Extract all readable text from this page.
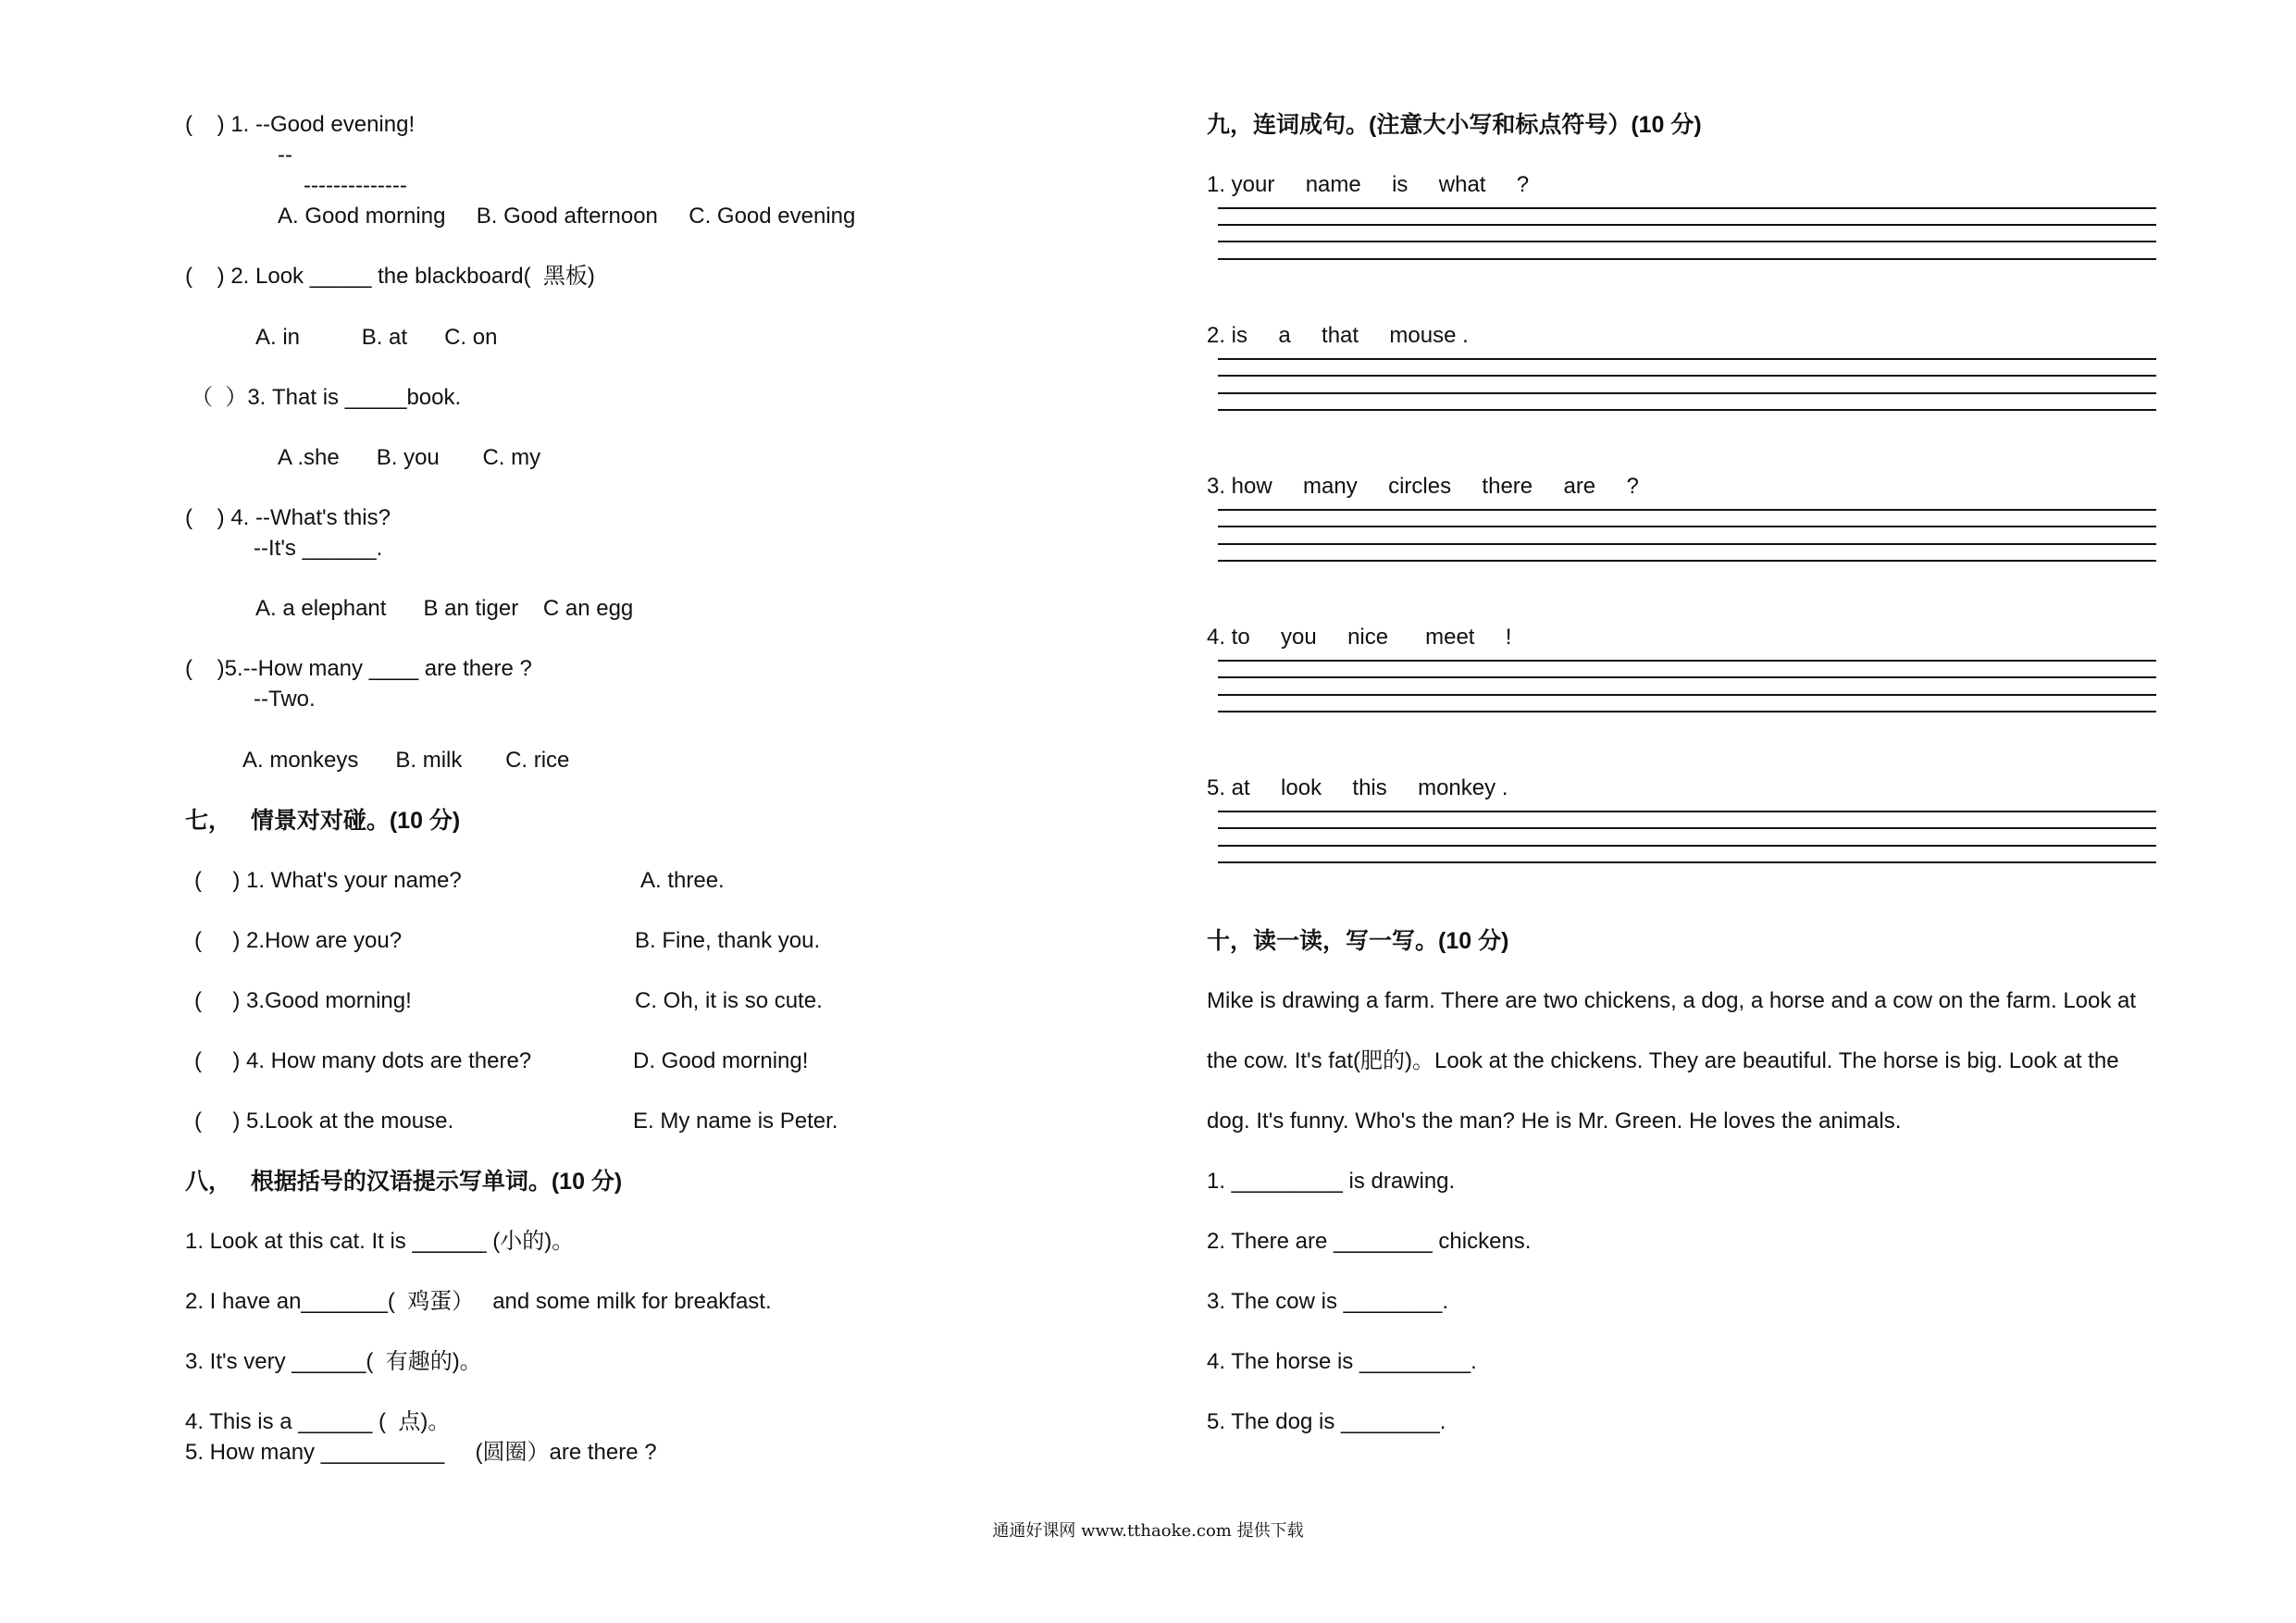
(    ) 1. --Good evening!
--
--------------
A. Good morning     B. Good afternoon     C. Good evening
(    ) 2. Look _____ the blackboard(  黑板)
A. in          B. at      C. on
（  ）3. That is _____book.
A .she      B. you       C. my
(    ) 4. --What's this?
--It's ______.
A. a elephant      B an tiger    C an egg
(    )5.--How many ____ are there ?
--Two.
A. monkeys      B. milk       C. rice
七，   情景对对碰。(10 分)
(     ) 1. What's your name?	A. three.
(     ) 2.How are you?	B. Fine, thank you.
(     ) 3.Good morning!	C. Oh, it is so cute.
(     ) 4. How many dots are there?	D. Good morning!
(     ) 5.Look at the mouse.	E. My name is Peter.
八，   根据括号的汉语提示写单词。(10 分)
1. Look at this cat. It is ______ (小的)。
2. I have an_______(  鸡蛋）   and some milk for breakfast.
3. It's very ______(  有趣的)。
4. This is a ______ (  点)。
5. How many __________     (圆圈）are there ?
九，连词成句。(注意大小写和标点符号）(10 分)
1. your     name     is     what     ?
2. is     a     that     mouse .
3. how     many     circles     there     are     ?
4. to     you     nice      meet     !
5. at     look     this     monkey .
十，读一读，写一写。(10 分)
Mike is drawing a farm. There are two chickens, a dog, a horse and a cow on the farm. Look at
the cow. It's fat(肥的)。Look at the chickens. They are beautiful. The horse is big. Look at the
dog. It's funny. Who's the man? He is Mr. Green. He loves the animals.
1. _________ is drawing.
2. There are ________ chickens.
3. The cow is ________.
4. The horse is _________.
5. The dog is ________.
通通好课网 www.tthaoke.com 提供下载
